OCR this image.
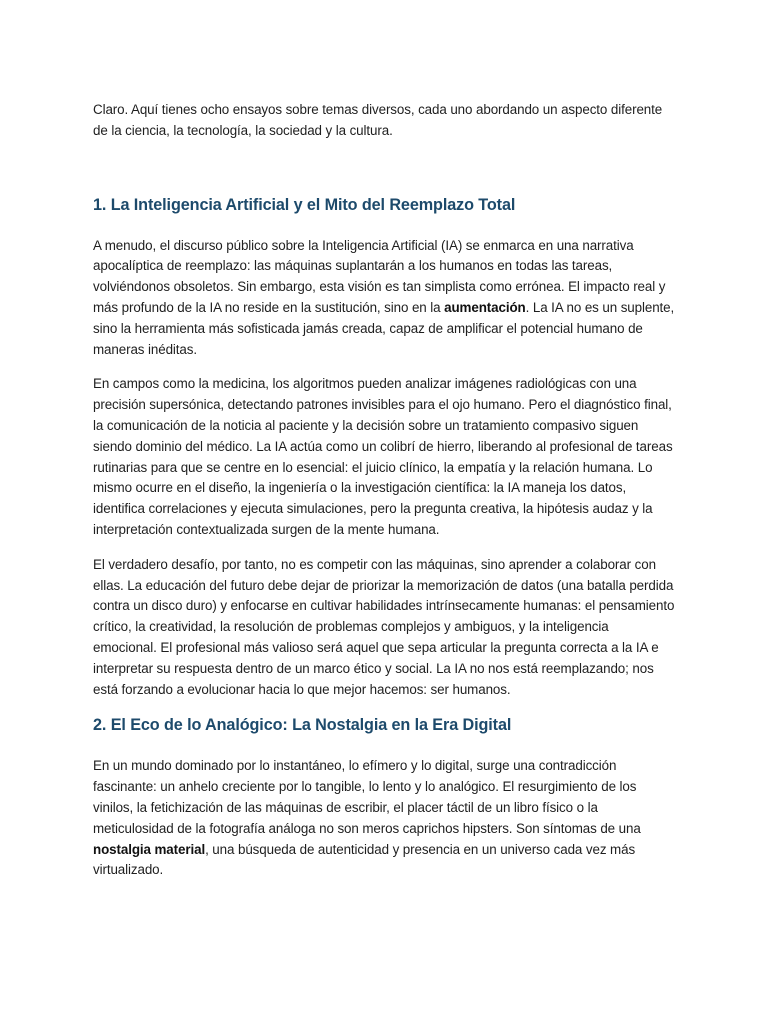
Claro. Aquí tienes ocho ensayos sobre temas diversos, cada uno abordando un aspecto diferente de la ciencia, la tecnología, la sociedad y la cultura.

1. La Inteligencia Artificial y el Mito del Reemplazo Total

A menudo, el discurso público sobre la Inteligencia Artificial (IA) se enmarca en una narrativa apocalíptica de reemplazo: las máquinas suplantarán a los humanos en todas las tareas, volviéndonos obsoletos. Sin embargo, esta visión es tan simplista como errónea. El impacto real y más profundo de la IA no reside en la sustitución, sino en la aumentación. La IA no es un suplente, sino la herramienta más sofisticada jamás creada, capaz de amplificar el potencial humano de maneras inéditas.

En campos como la medicina, los algoritmos pueden analizar imágenes radiológicas con una precisión supersónica, detectando patrones invisibles para el ojo humano. Pero el diagnóstico final, la comunicación de la noticia al paciente y la decisión sobre un tratamiento compasivo siguen siendo dominio del médico. La IA actúa como un colibrí de hierro, liberando al profesional de tareas rutinarias para que se centre en lo esencial: el juicio clínico, la empatía y la relación humana. Lo mismo ocurre en el diseño, la ingeniería o la investigación científica: la IA maneja los datos, identifica correlaciones y ejecuta simulaciones, pero la pregunta creativa, la hipótesis audaz y la interpretación contextualizada surgen de la mente humana.

El verdadero desafío, por tanto, no es competir con las máquinas, sino aprender a colaborar con ellas. La educación del futuro debe dejar de priorizar la memorización de datos (una batalla perdida contra un disco duro) y enfocarse en cultivar habilidades intrínsecamente humanas: el pensamiento crítico, la creatividad, la resolución de problemas complejos y ambiguos, y la inteligencia emocional. El profesional más valioso será aquel que sepa articular la pregunta correcta a la IA e interpretar su respuesta dentro de un marco ético y social. La IA no nos está reemplazando; nos está forzando a evolucionar hacia lo que mejor hacemos: ser humanos.

2. El Eco de lo Analógico: La Nostalgia en la Era Digital

En un mundo dominado por lo instantáneo, lo efímero y lo digital, surge una contradicción fascinante: un anhelo creciente por lo tangible, lo lento y lo analógico. El resurgimiento de los vinilos, la fetichización de las máquinas de escribir, el placer táctil de un libro físico o la meticulosidad de la fotografía análoga no son meros caprichos hipsters. Son síntomas de una nostalgia material, una búsqueda de autenticidad y presencia en un universo cada vez más virtualizado.
